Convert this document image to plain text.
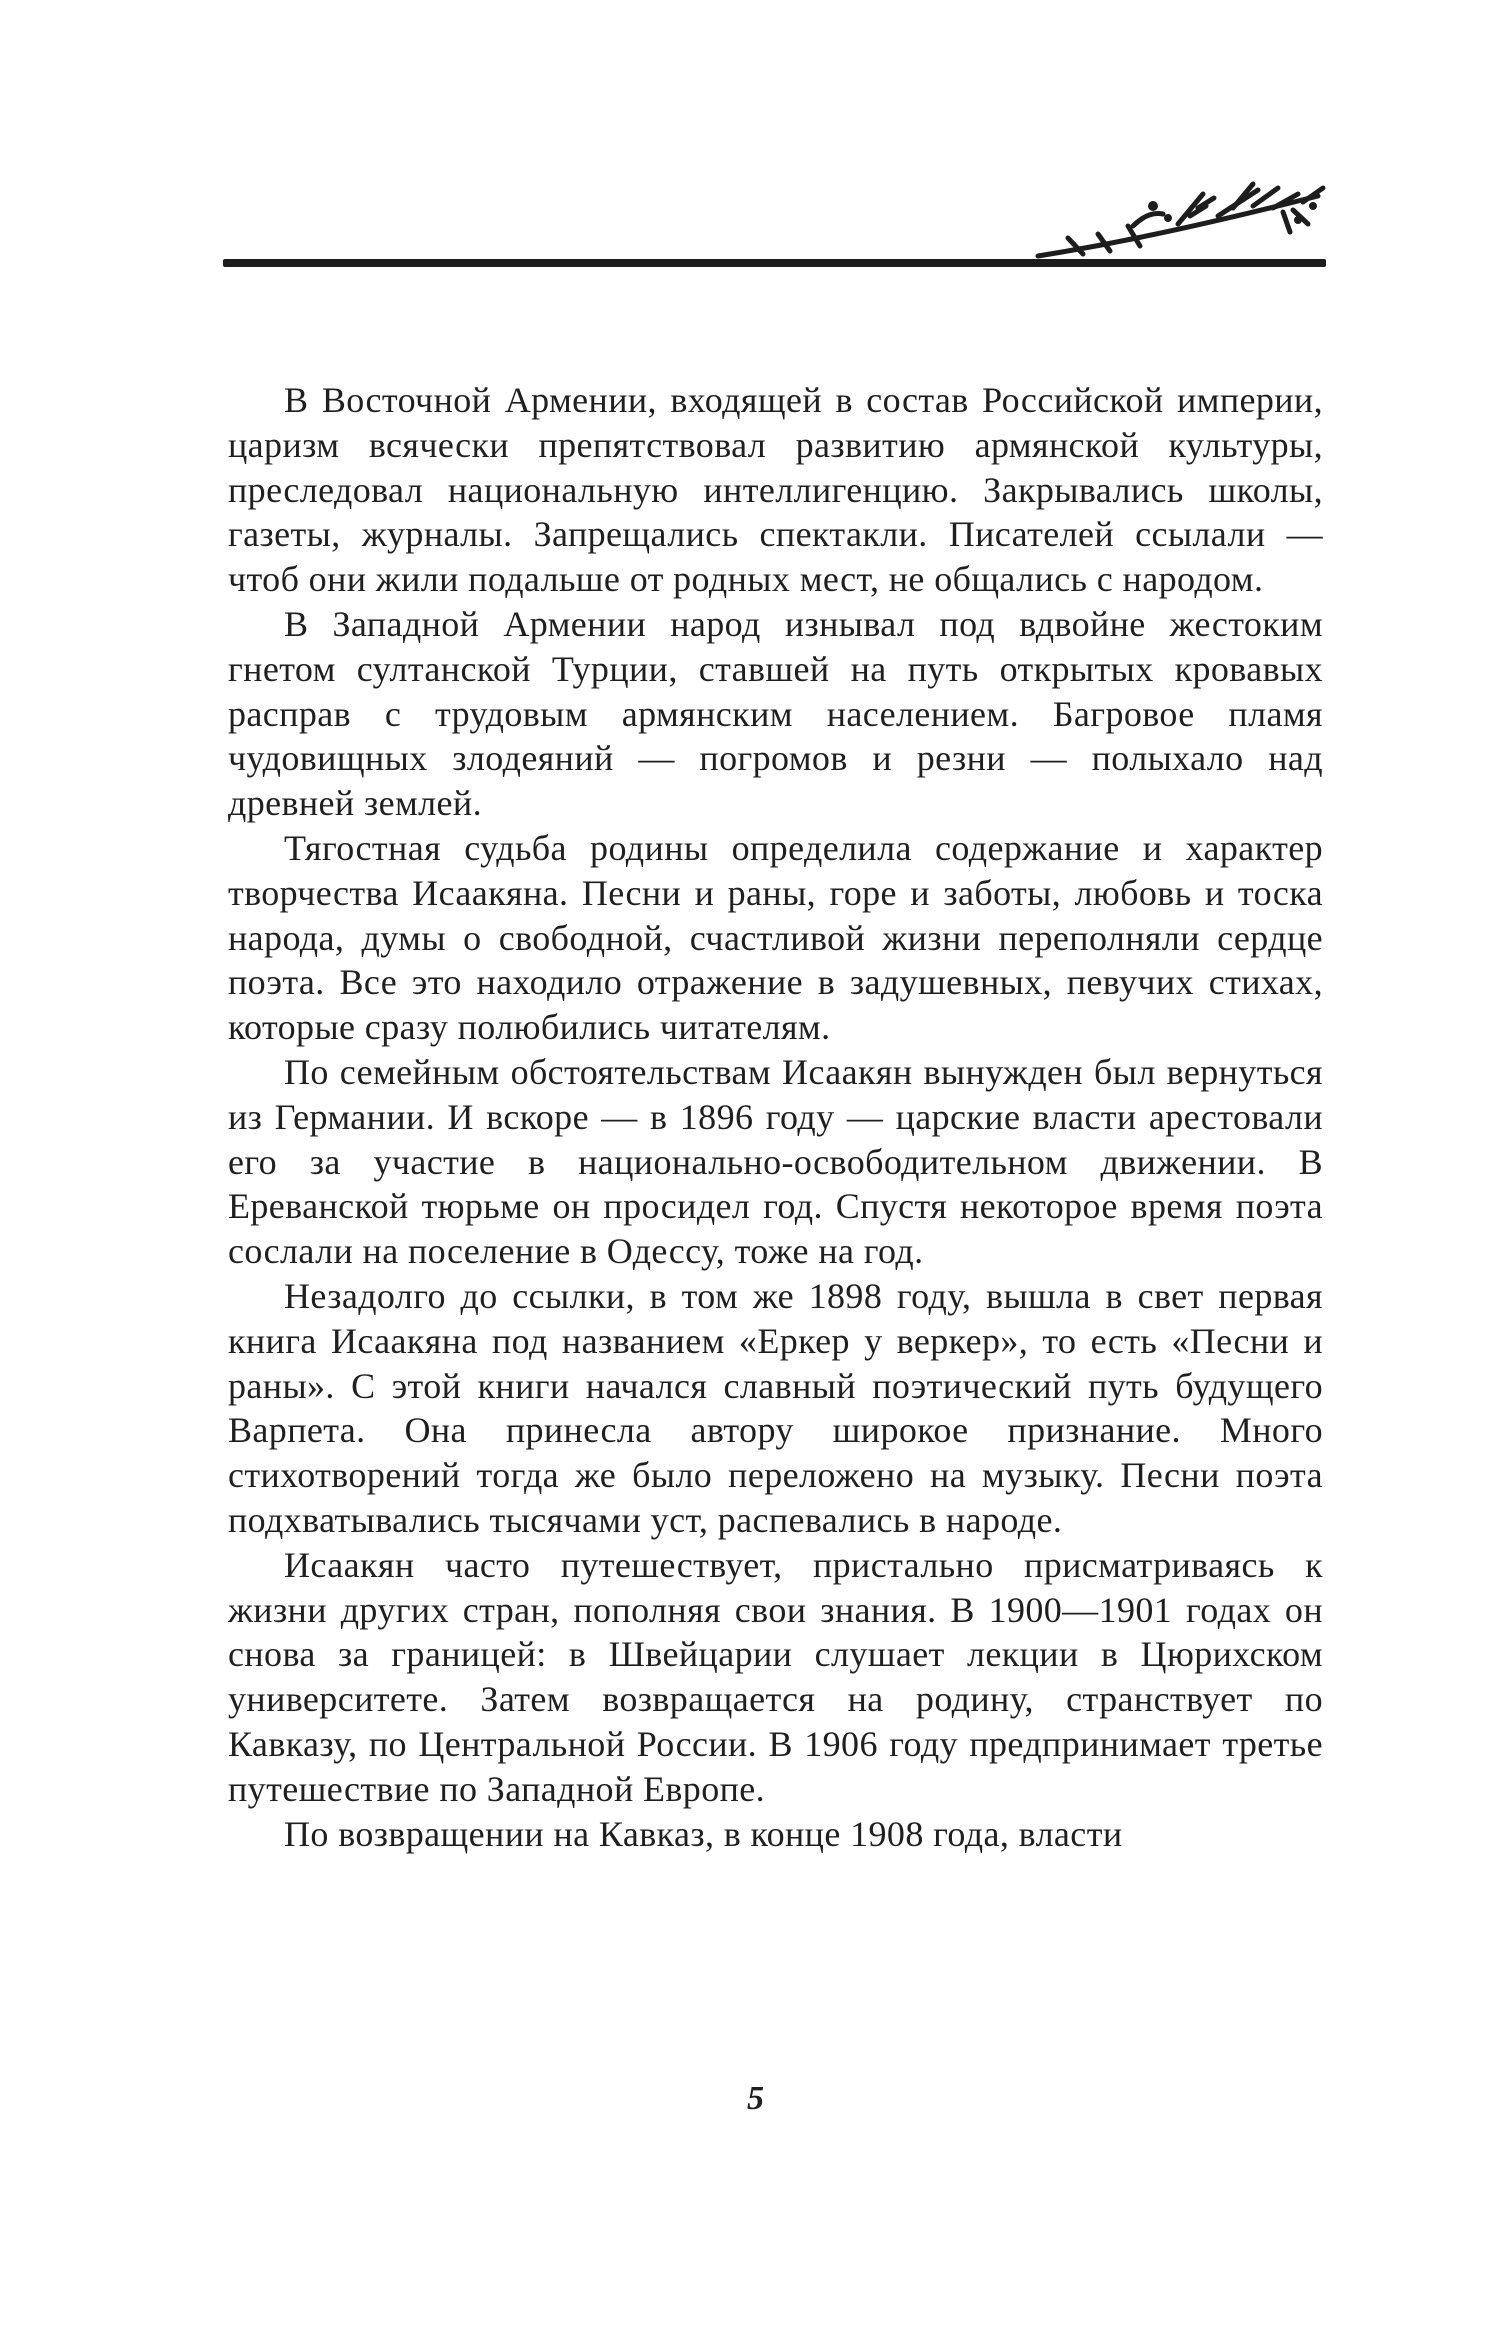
В Восточной Армении, входящей в состав Российской империи, царизм всячески препятствовал развитию армянской культуры, преследовал национальную интеллигенцию. Закрывались школы, газеты, журналы. Запрещались спектакли. Писателей ссылали — чтоб они жили подальше от родных мест, не общались с народом.

В Западной Армении народ изнывал под вдвойне жестоким гнетом султанской Турции, ставшей на путь открытых кровавых расправ с трудовым армянским населением. Багровое пламя чудовищных злодеяний — погромов и резни — полыхало над древней землей.

Тягостная судьба родины определила содержание и характер творчества Исаакяна. Песни и раны, горе и заботы, любовь и тоска народа, думы о свободной, счастливой жизни переполняли сердце поэта. Все это находило отражение в задушевных, певучих стихах, которые сразу полюбились читателям.

По семейным обстоятельствам Исаакян вынужден был вернуться из Германии. И вскоре — в 1896 году — царские власти арестовали его за участие в национально-освободительном движении. В Ереванской тюрьме он просидел год. Спустя некоторое время поэта сослали на поселение в Одессу, тоже на год.

Незадолго до ссылки, в том же 1898 году, вышла в свет первая книга Исаакяна под названием «Еркер у веркер», то есть «Песни и раны». С этой книги начался славный поэтический путь будущего Варпета. Она принесла автору широкое признание. Много стихотворений тогда же было переложено на музыку. Песни поэта подхватывались тысячами уст, распевались в народе.

Исаакян часто путешествует, пристально присматриваясь к жизни других стран, пополняя свои знания. В 1900—1901 годах он снова за границей: в Швейцарии слушает лекции в Цюрихском университете. Затем возвращается на родину, странствует по Кавказу, по Центральной России. В 1906 году предпринимает третье путешествие по Западной Европе.

По возвращении на Кавказ, в конце 1908 года, власти

5
